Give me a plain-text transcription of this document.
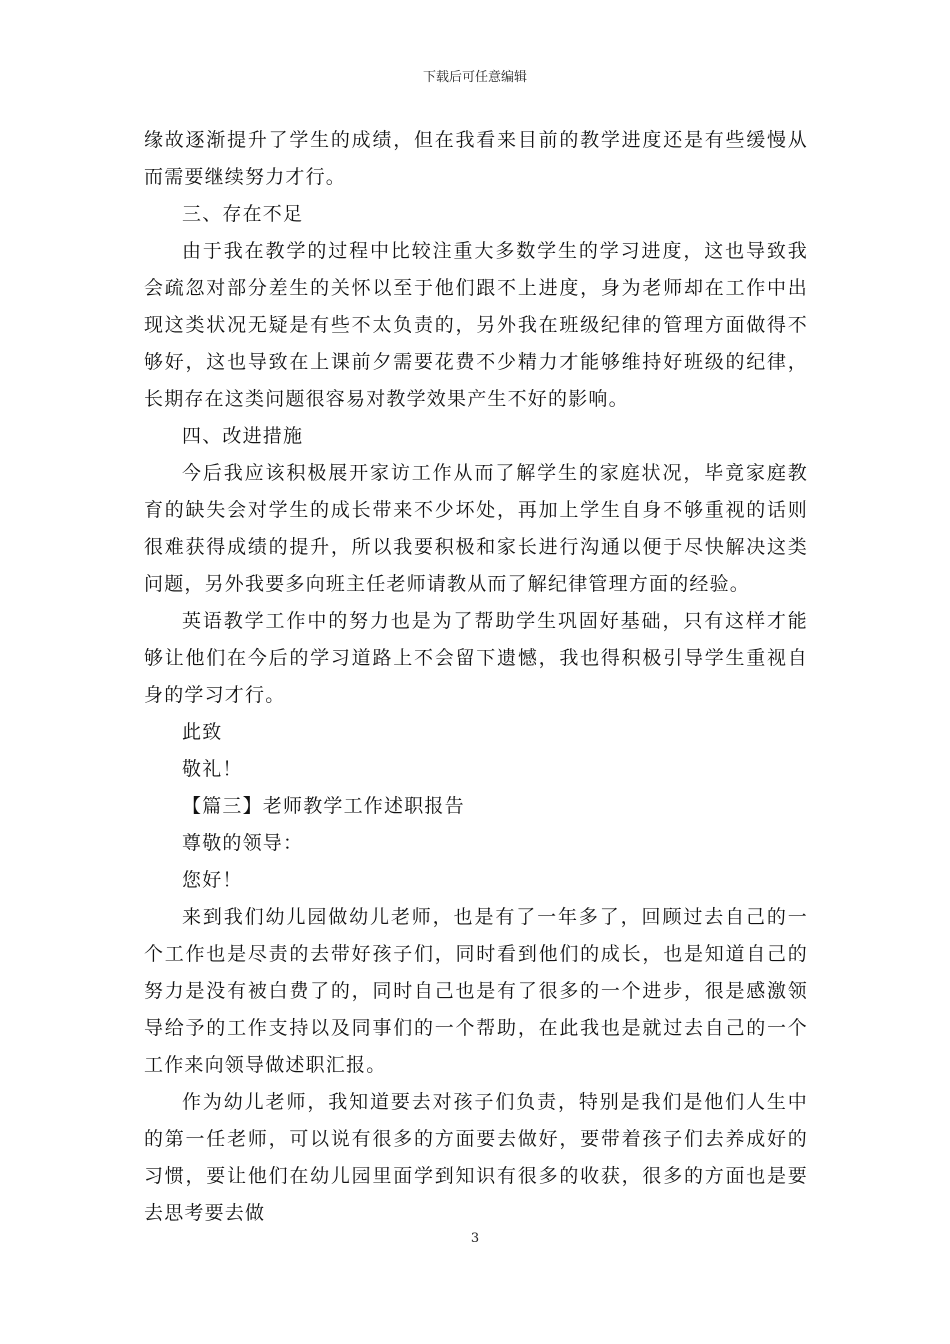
下载后可任意编辑

缘故逐渐提升了学生的成绩，但在我看来目前的教学进度还是有些缓慢从而需要继续努力才行。

三、存在不足

由于我在教学的过程中比较注重大多数学生的学习进度，这也导致我会疏忽对部分差生的关怀以至于他们跟不上进度，身为老师却在工作中出现这类状况无疑是有些不太负责的，另外我在班级纪律的管理方面做得不够好，这也导致在上课前夕需要花费不少精力才能够维持好班级的纪律，长期存在这类问题很容易对教学效果产生不好的影响。

四、改进措施

今后我应该积极展开家访工作从而了解学生的家庭状况，毕竟家庭教育的缺失会对学生的成长带来不少坏处，再加上学生自身不够重视的话则很难获得成绩的提升，所以我要积极和家长进行沟通以便于尽快解决这类问题，另外我要多向班主任老师请教从而了解纪律管理方面的经验。

英语教学工作中的努力也是为了帮助学生巩固好基础，只有这样才能够让他们在今后的学习道路上不会留下遗憾，我也得积极引导学生重视自身的学习才行。

此致

敬礼！

【篇三】老师教学工作述职报告

尊敬的领导：

您好！

来到我们幼儿园做幼儿老师，也是有了一年多了，回顾过去自己的一个工作也是尽责的去带好孩子们，同时看到他们的成长，也是知道自己的努力是没有被白费了的，同时自己也是有了很多的一个进步，很是感激领导给予的工作支持以及同事们的一个帮助，在此我也是就过去自己的一个工作来向领导做述职汇报。

作为幼儿老师，我知道要去对孩子们负责，特别是我们是他们人生中的第一任老师，可以说有很多的方面要去做好，要带着孩子们去养成好的习惯，要让他们在幼儿园里面学到知识有很多的收获，很多的方面也是要去思考要去做

3
